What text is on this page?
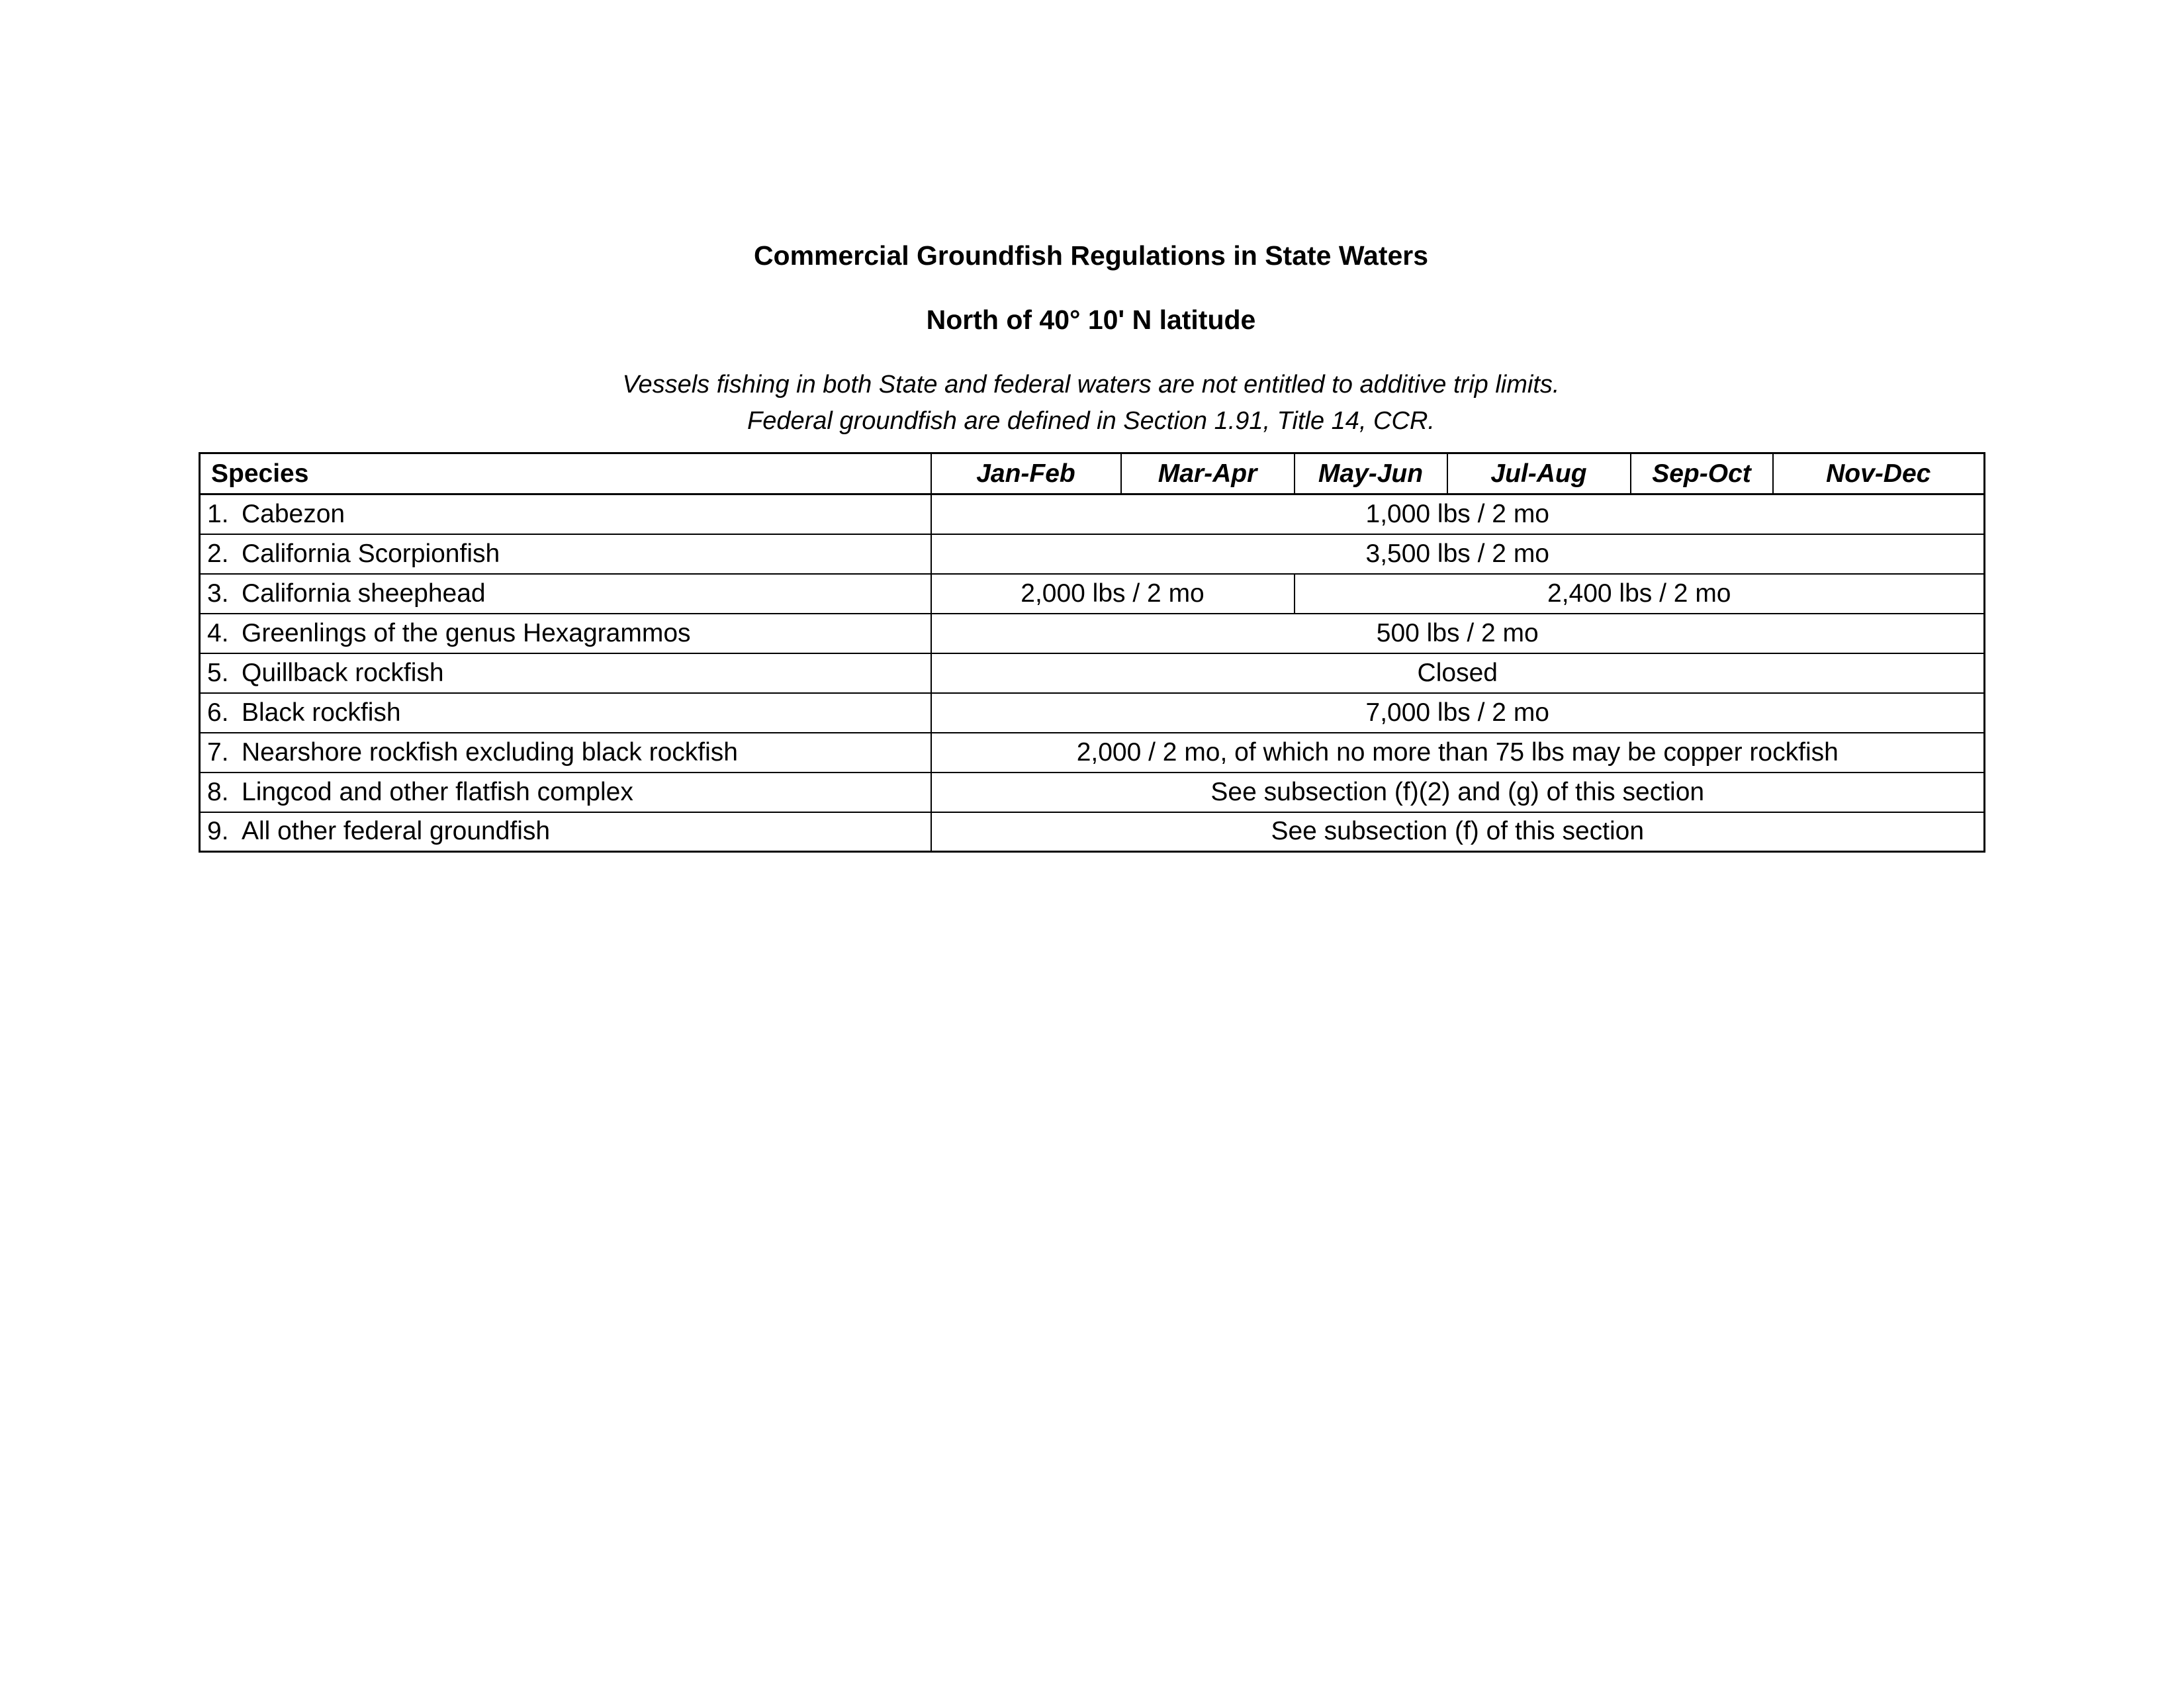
Commercial Groundfish Regulations in State Waters
North of 40° 10' N latitude
Vessels fishing in both State and federal waters are not entitled to additive trip limits.
Federal groundfish are defined in Section 1.91, Title 14, CCR.
Species	Jan-Feb	Mar-Apr	May-Jun	Jul-Aug	Sep-Oct	Nov-Dec

1. Cabezon	1,000 lbs / 2 mo					

2. California Scorpionfish	3,500 lbs / 2 mo					

3. California sheephead	2,000 lbs / 2 mo		2,400 lbs / 2 mo			

4. Greenlings of the genus Hexagrammos	500 lbs / 2 mo					

5. Quillback rockfish	Closed					

6. Black rockfish	7,000 lbs / 2 mo					

7. Nearshore rockfish excluding black rockfish	2,000 / 2 mo, of which no more than 75 lbs may be copper rockfish					

8. Lingcod and other flatfish complex	See subsection (f)(2) and (g) of this section					

9. All other federal groundfish	See subsection (f) of this section					
